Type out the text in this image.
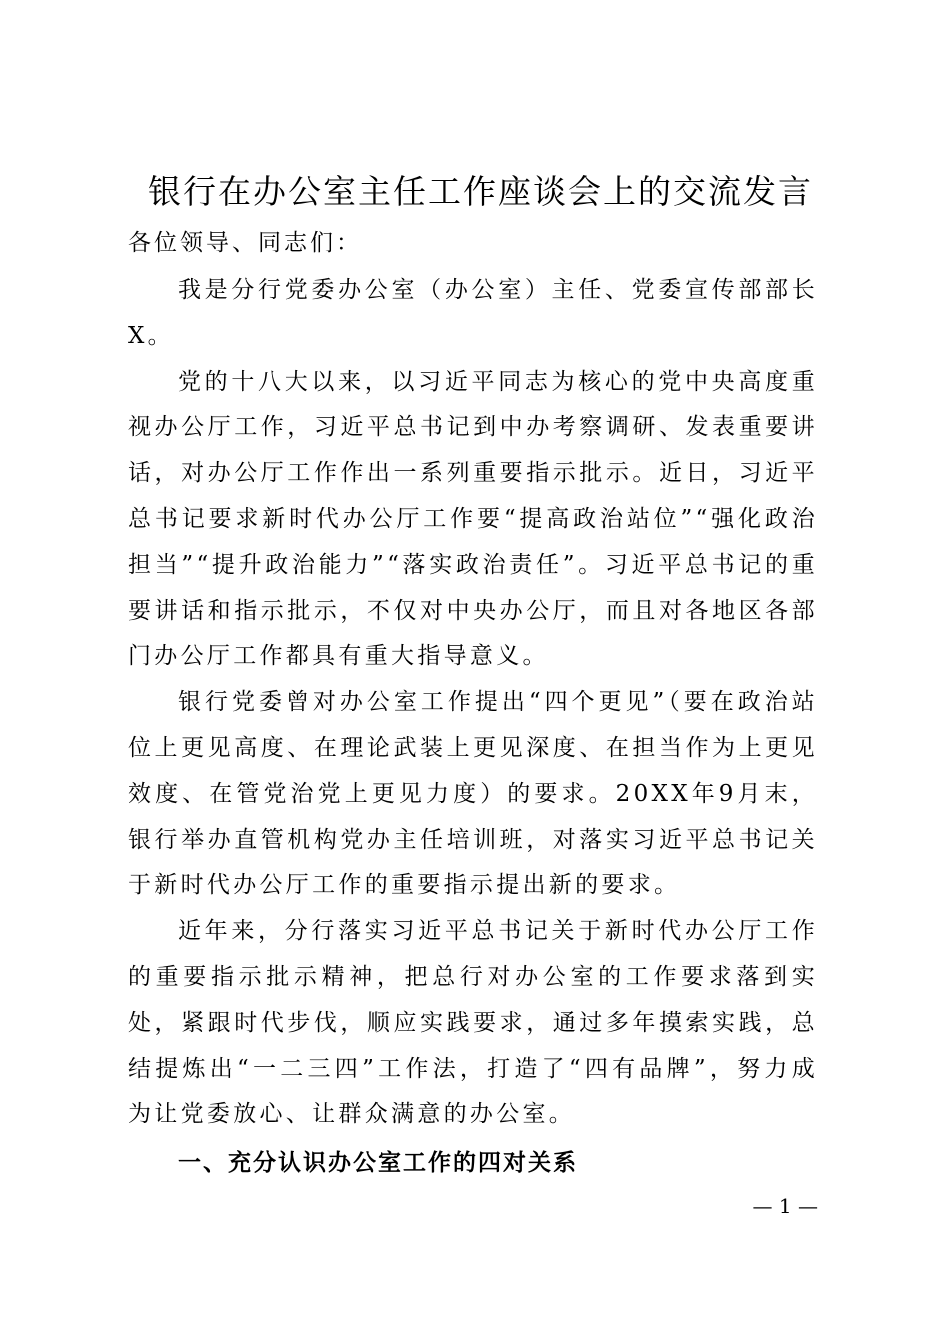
银行在办公室主任工作座谈会上的交流发言
各位领导、同志们：

我是分行党委办公室（办公室）主任、党委宣传部部长X。

党的十八大以来，以习近平同志为核心的党中央高度重视办公厅工作，习近平总书记到中办考察调研、发表重要讲话，对办公厅工作作出一系列重要指示批示。近日，习近平总书记要求新时代办公厅工作要“提高政治站位”“强化政治担当”“提升政治能力”“落实政治责任”。习近平总书记的重要讲话和指示批示，不仅对中央办公厅，而且对各地区各部门办公厅工作都具有重大指导意义。

银行党委曾对办公室工作提出“四个更见”（要在政治站位上更见高度、在理论武装上更见深度、在担当作为上更见效度、在管党治党上更见力度）的要求。20XX年9月末，银行举办直管机构党办主任培训班，对落实习近平总书记关于新时代办公厅工作的重要指示提出新的要求。

近年来，分行落实习近平总书记关于新时代办公厅工作的重要指示批示精神，把总行对办公室的工作要求落到实处，紧跟时代步伐，顺应实践要求，通过多年摸索实践，总结提炼出“一二三四”工作法，打造了“四有品牌”，努力成为让党委放心、让群众满意的办公室。

一、充分认识办公室工作的四对关系
— 1 —
